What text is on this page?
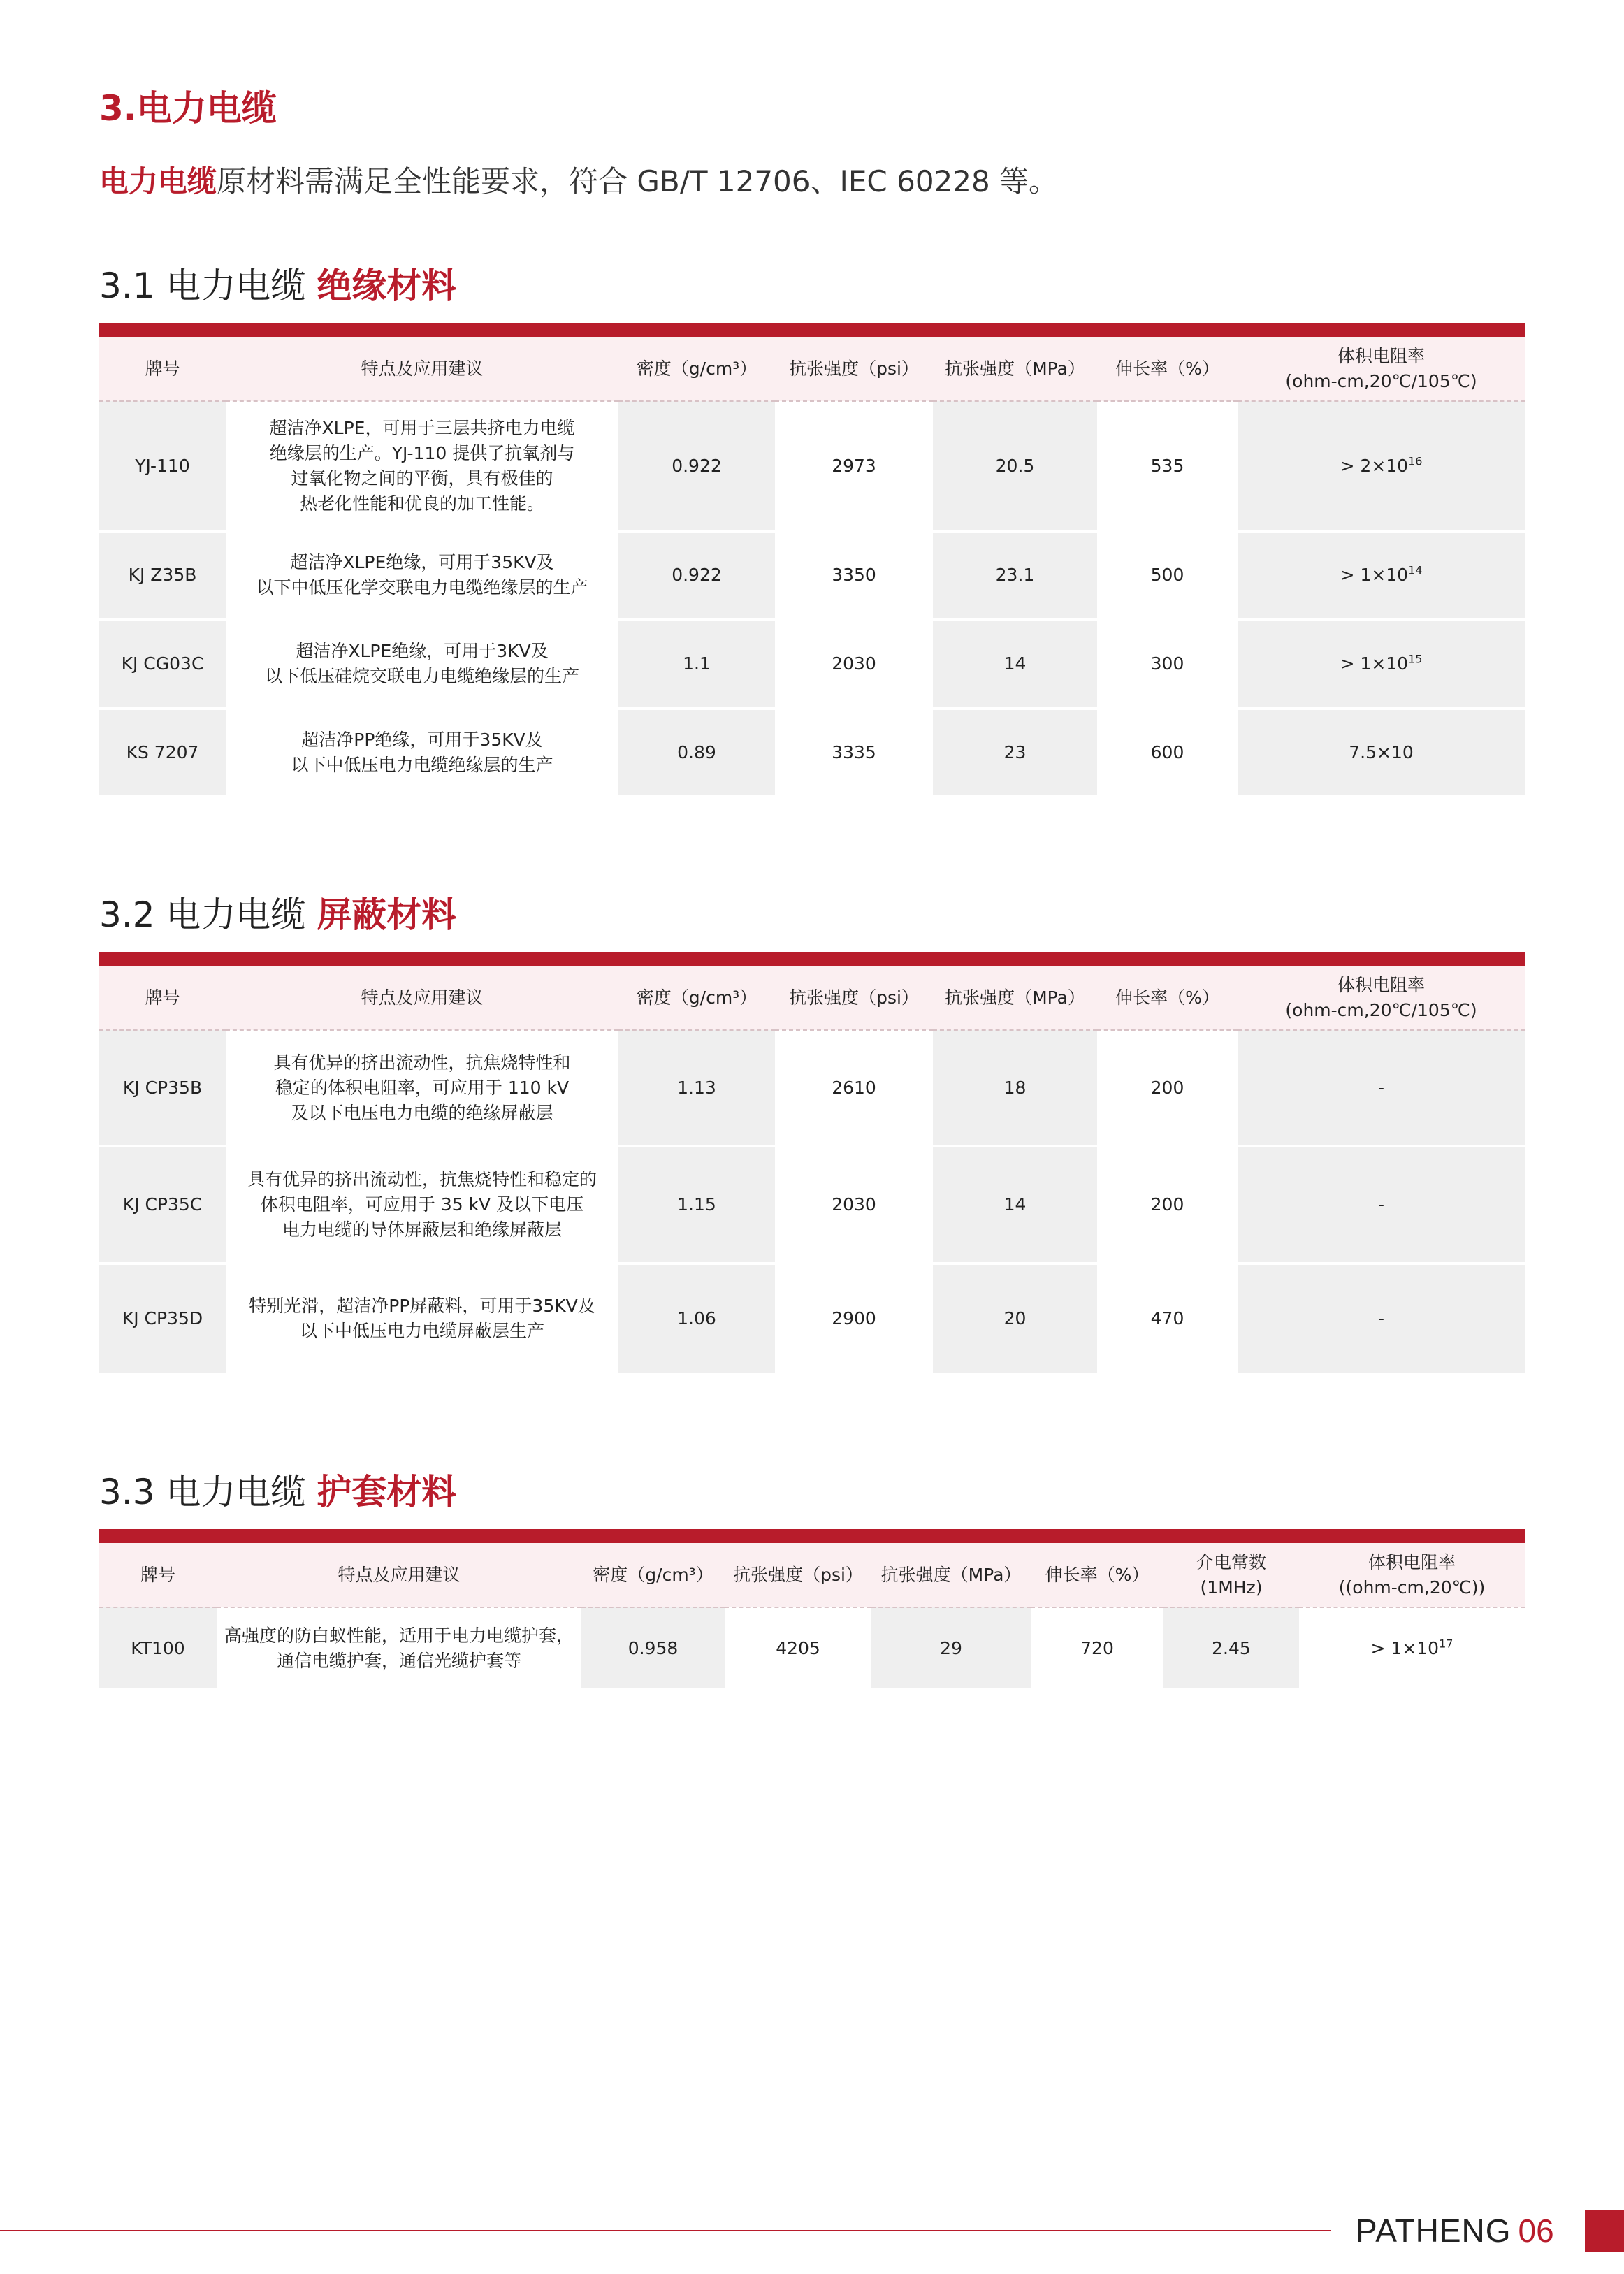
3.电力电缆
电力电缆原材料需满足全性能要求，符合 GB/T 12706、IEC 60228 等。
3.1 电力电缆 绝缘材料
牌号	特点及应用建议	密度（g/cm³）	抗张强度（psi）	抗张强度（MPa）	伸长率（%）	体积电阻率
(ohm-cm,20℃/105℃)

YJ-110	超洁净XLPE，可用于三层共挤电力电缆
绝缘层的生产。YJ-110 提供了抗氧剂与
过氧化物之间的平衡，具有极佳的
热老化性能和优良的加工性能。	0.922	2973	20.5	535	> $2\times 10^{16}$
KJ Z35B	超洁净XLPE绝缘，可用于35KV及
以下中低压化学交联电力电缆绝缘层的生产	0.922	3350	23.1	500	> $1\times 10^{14}$
KJ CG03C	超洁净XLPE绝缘，可用于3KV及
以下低压硅烷交联电力电缆绝缘层的生产	1.1	2030	14	300	> $1\times 10^{15}$
KS 7207	超洁净PP绝缘，可用于35KV及
以下中低压电力电缆绝缘层的生产	0.89	3335	23	600	7.5×10
3.2 电力电缆 屏蔽材料
牌号	特点及应用建议	密度（g/cm³）	抗张强度（psi）	抗张强度（MPa）	伸长率（%）	体积电阻率
(ohm-cm,20℃/105℃)

KJ CP35B	具有优异的挤出流动性，抗焦烧特性和
稳定的体积电阻率，可应用于 110 kV
及以下电压电力电缆的绝缘屏蔽层	1.13	2610	18	200	-
KJ CP35C	具有优异的挤出流动性，抗焦烧特性和稳定的
体积电阻率，可应用于 35 kV 及以下电压
电力电缆的导体屏蔽层和绝缘屏蔽层	1.15	2030	14	200	-
KJ CP35D	特别光滑，超洁净PP屏蔽料，可用于35KV及
以下中低压电力电缆屏蔽层生产	1.06	2900	20	470	-
3.3 电力电缆 护套材料
牌号	特点及应用建议	密度（g/cm³）	抗张强度（psi）	抗张强度（MPa）	伸长率（%）	介电常数(1MHz)	体积电阻率
((ohm-cm,20℃))

KT100	高强度的防白蚁性能，适用于电力电缆护套，
通信电缆护套，通信光缆护套等	0.958	4205	29	720	2.45	> $1\times 10^{17}$
PATHENG 06
